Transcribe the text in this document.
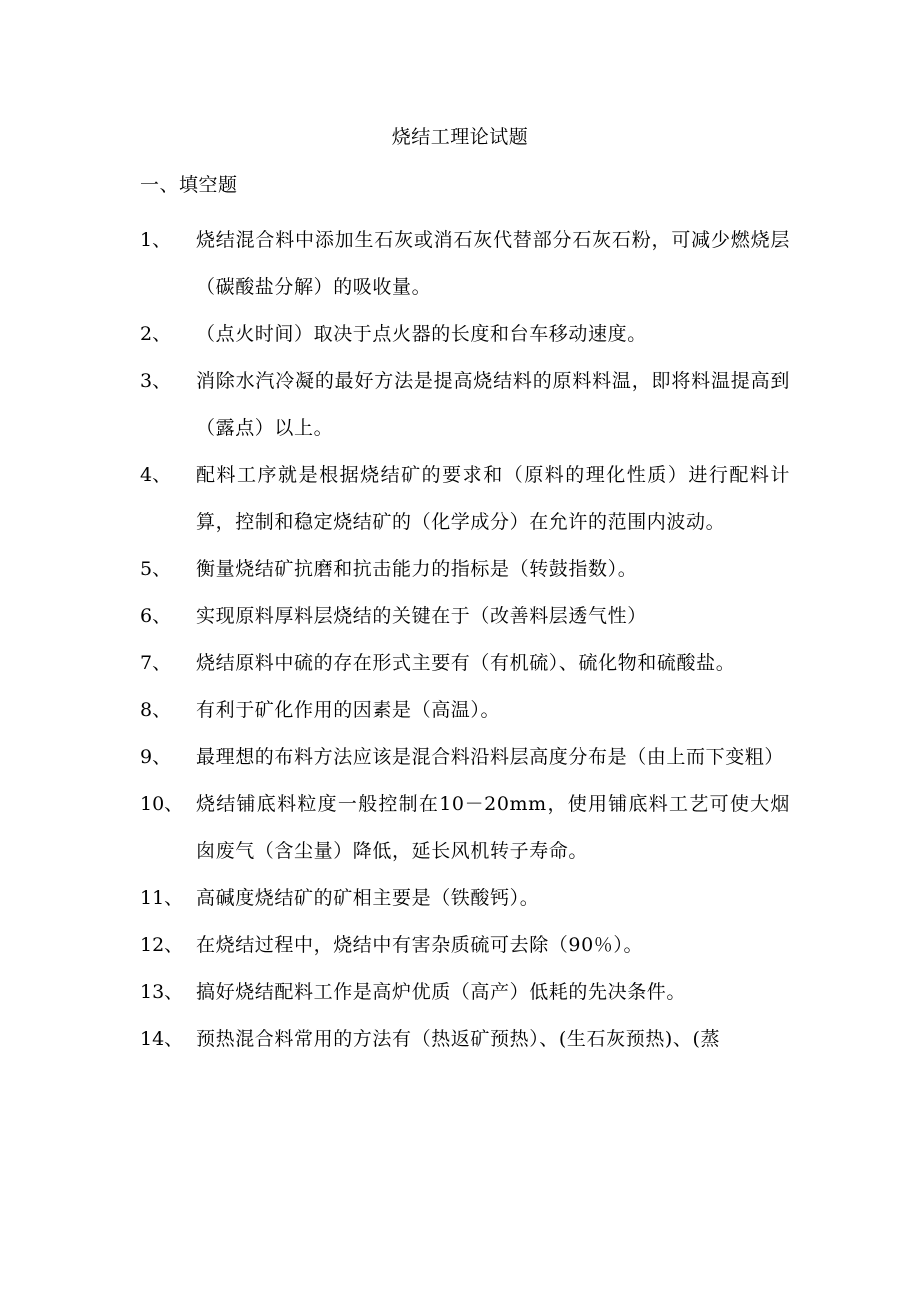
烧结工理论试题
一、填空题
1、	烧结混合料中添加生石灰或消石灰代替部分石灰石粉，可减少燃烧层（碳酸盐分解）的吸收量。
2、	（点火时间）取决于点火器的长度和台车移动速度。
3、	消除水汽冷凝的最好方法是提高烧结料的原料料温，即将料温提高到（露点）以上。
4、	配料工序就是根据烧结矿的要求和（原料的理化性质）进行配料计算，控制和稳定烧结矿的（化学成分）在允许的范围内波动。
5、	衡量烧结矿抗磨和抗击能力的指标是（转鼓指数）。
6、	实现原料厚料层烧结的关键在于（改善料层透气性）
7、	烧结原料中硫的存在形式主要有（有机硫）、硫化物和硫酸盐。
8、	有利于矿化作用的因素是（高温）。
9、	最理想的布料方法应该是混合料沿料层高度分布是（由上而下变粗）
10、 烧结铺底料粒度一般控制在10－20mm，使用铺底料工艺可使大烟囱废气（含尘量）降低，延长风机转子寿命。
11、 高碱度烧结矿的矿相主要是（铁酸钙）。
12、 在烧结过程中，烧结中有害杂质硫可去除（90％）。
13、 搞好烧结配料工作是高炉优质（高产）低耗的先决条件。
14、 预热混合料常用的方法有（热返矿预热）、(生石灰预热)、(蒸
